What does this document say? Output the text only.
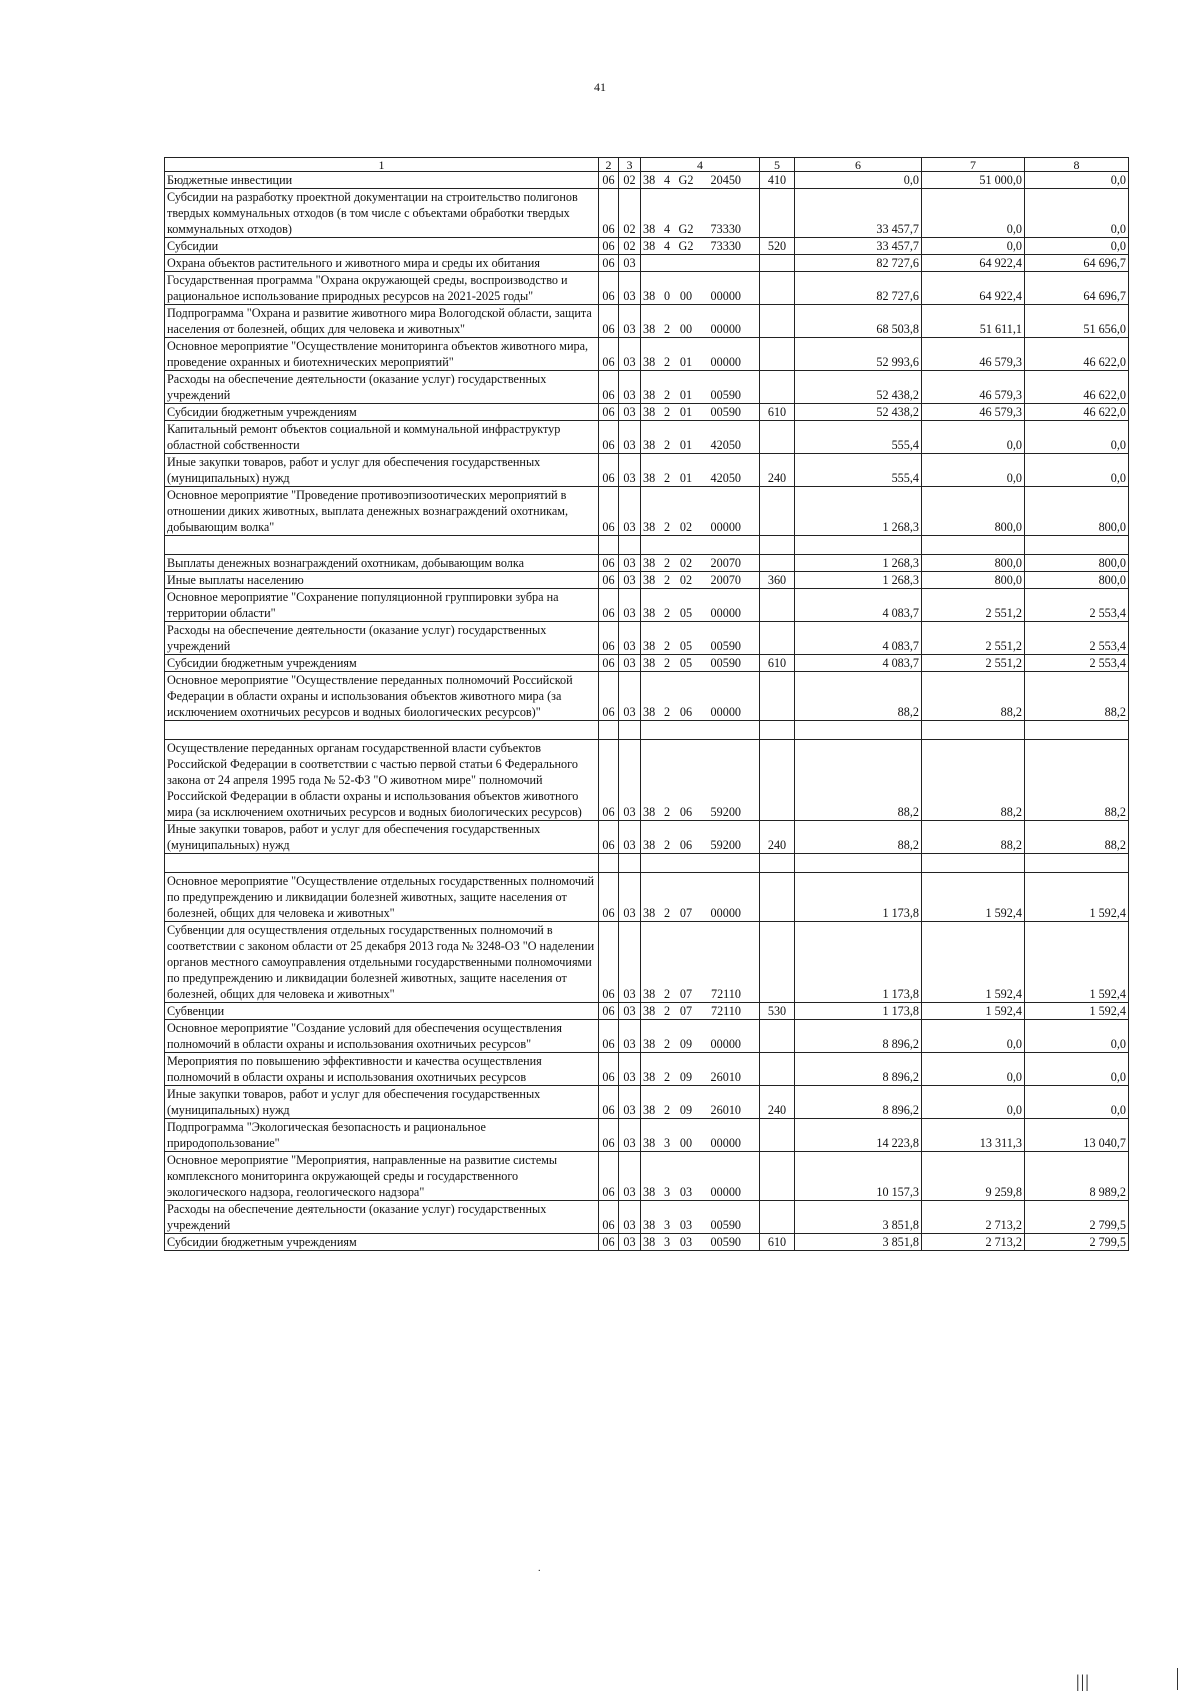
41
1	2	3	4	5	6	7	8
Бюджетные инвестиции	06	02	38 4 G2 20450	410	0,0	51 000,0	0,0
Субсидии на разработку проектной документации на строительство полигонов твердых коммунальных отходов (в том числе с объектами обработки твердых коммунальных отходов)	06	02	38 4 G2 73330		33 457,7	0,0	0,0
Субсидии	06	02	38 4 G2 73330	520	33 457,7	0,0	0,0
Охрана объектов растительного и животного мира и среды их обитания	06	03			82 727,6	64 922,4	64 696,7
Государственная программа "Охрана окружающей среды, воспроизводство и рациональное использование природных ресурсов на 2021-2025 годы"	06	03	38 0 00 00000		82 727,6	64 922,4	64 696,7
Подпрограмма "Охрана и развитие животного мира Вологодской области, защита населения от болезней, общих для человека и животных"	06	03	38 2 00 00000		68 503,8	51 611,1	51 656,0
Основное мероприятие "Осуществление мониторинга объектов животного мира, проведение охранных и биотехнических мероприятий"	06	03	38 2 01 00000		52 993,6	46 579,3	46 622,0
Расходы на обеспечение деятельности (оказание услуг) государственных учреждений	06	03	38 2 01 00590		52 438,2	46 579,3	46 622,0
Субсидии бюджетным учреждениям	06	03	38 2 01 00590	610	52 438,2	46 579,3	46 622,0
Капитальный ремонт объектов социальной и коммунальной инфраструктур областной собственности	06	03	38 2 01 42050		555,4	0,0	0,0
Иные закупки товаров, работ и услуг для обеспечения государственных (муниципальных) нужд	06	03	38 2 01 42050	240	555,4	0,0	0,0
Основное мероприятие "Проведение противоэпизоотических мероприятий в отношении диких животных, выплата денежных вознаграждений охотникам, добывающим волка"	06	03	38 2 02 00000		1 268,3	800,0	800,0

Выплаты денежных вознаграждений охотникам, добывающим волка	06	03	38 2 02 20070		1 268,3	800,0	800,0
Иные выплаты населению	06	03	38 2 02 20070	360	1 268,3	800,0	800,0
Основное мероприятие "Сохранение популяционной группировки зубра на территории области"	06	03	38 2 05 00000		4 083,7	2 551,2	2 553,4
Расходы на обеспечение деятельности (оказание услуг) государственных учреждений	06	03	38 2 05 00590		4 083,7	2 551,2	2 553,4
Субсидии бюджетным учреждениям	06	03	38 2 05 00590	610	4 083,7	2 551,2	2 553,4
Основное мероприятие "Осуществление переданных полномочий Российской Федерации в области охраны и использования объектов животного мира (за исключением охотничьих ресурсов и водных биологических ресурсов)"	06	03	38 2 06 00000		88,2	88,2	88,2

Осуществление переданных органам государственной власти субъектов Российской Федерации в соответствии с частью первой статьи 6 Федерального закона от 24 апреля 1995 года № 52-ФЗ "О животном мире" полномочий Российской Федерации в области охраны и использования объектов животного мира (за исключением охотничьих ресурсов и водных биологических ресурсов)	06	03	38 2 06 59200		88,2	88,2	88,2
Иные закупки товаров, работ и услуг для обеспечения государственных (муниципальных) нужд	06	03	38 2 06 59200	240	88,2	88,2	88,2

Основное мероприятие "Осуществление отдельных государственных полномочий по предупреждению и ликвидации болезней животных, защите населения от болезней, общих для человека и животных"	06	03	38 2 07 00000		1 173,8	1 592,4	1 592,4
Субвенции для осуществления отдельных государственных полномочий в соответствии с законом области от 25 декабря 2013 года № 3248-ОЗ "О наделении органов местного самоуправления отдельными государственными полномочиями по предупреждению и ликвидации болезней животных, защите населения от болезней, общих для человека и животных"	06	03	38 2 07 72110		1 173,8	1 592,4	1 592,4
Субвенции	06	03	38 2 07 72110	530	1 173,8	1 592,4	1 592,4
Основное мероприятие "Создание условий для обеспечения осуществления полномочий в области охраны и использования охотничьих ресурсов"	06	03	38 2 09 00000		8 896,2	0,0	0,0
Мероприятия по повышению эффективности и качества осуществления полномочий в области охраны и использования охотничьих ресурсов	06	03	38 2 09 26010		8 896,2	0,0	0,0
Иные закупки товаров, работ и услуг для обеспечения государственных (муниципальных) нужд	06	03	38 2 09 26010	240	8 896,2	0,0	0,0
Подпрограмма "Экологическая безопасность и рациональное природопользование"	06	03	38 3 00 00000		14 223,8	13 311,3	13 040,7
Основное мероприятие "Мероприятия, направленные на развитие системы комплексного мониторинга окружающей среды и государственного экологического надзора, геологического надзора"	06	03	38 3 03 00000		10 157,3	9 259,8	8 989,2
Расходы на обеспечение деятельности (оказание услуг) государственных учреждений	06	03	38 3 03 00590		3 851,8	2 713,2	2 799,5
Субсидии бюджетным учреждениям	06	03	38 3 03 00590	610	3 851,8	2 713,2	2 799,5
.
|||
